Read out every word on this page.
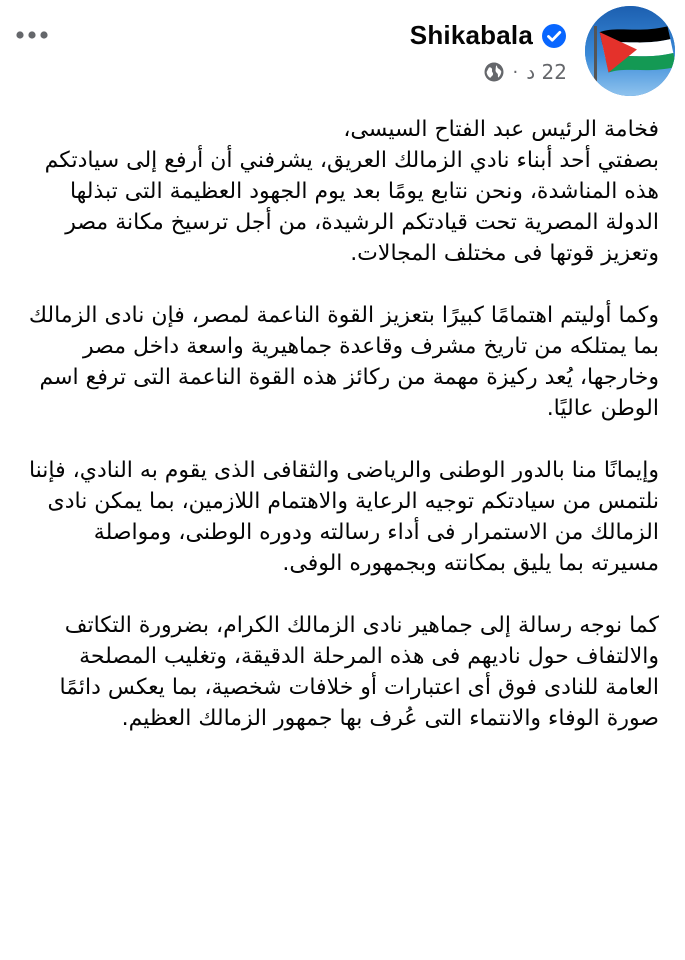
Shikabala
· 22 د

فخامة الرئيس عبد الفتاح السيسى،
بصفتي أحد أبناء نادي الزمالك العريق، يشرفني أن أرفع إلى سيادتكم هذه المناشدة، ونحن نتابع يومًا بعد يوم الجهود العظيمة التى تبذلها الدولة المصرية تحت قيادتكم الرشيدة، من أجل ترسيخ مكانة مصر وتعزيز قوتها فى مختلف المجالات.

وكما أوليتم اهتمامًا كبيرًا بتعزيز القوة الناعمة لمصر، فإن نادى الزمالك بما يمتلكه من تاريخ مشرف وقاعدة جماهيرية واسعة داخل مصر وخارجها، يُعد ركيزة مهمة من ركائز هذه القوة الناعمة التى ترفع اسم الوطن عاليًا.

وإيمانًا منا بالدور الوطنى والرياضى والثقافى الذى يقوم به النادي، فإننا نلتمس من سيادتكم توجيه الرعاية والاهتمام اللازمين، بما يمكن نادى الزمالك من الاستمرار فى أداء رسالته ودوره الوطنى، ومواصلة مسيرته بما يليق بمكانته وبجمهوره الوفى.

كما نوجه رسالة إلى جماهير نادى الزمالك الكرام، بضرورة التكاتف والالتفاف حول ناديهم فى هذه المرحلة الدقيقة، وتغليب المصلحة العامة للنادى فوق أى اعتبارات أو خلافات شخصية، بما يعكس دائمًا صورة الوفاء والانتماء التى عُرف بها جمهور الزمالك العظيم.
